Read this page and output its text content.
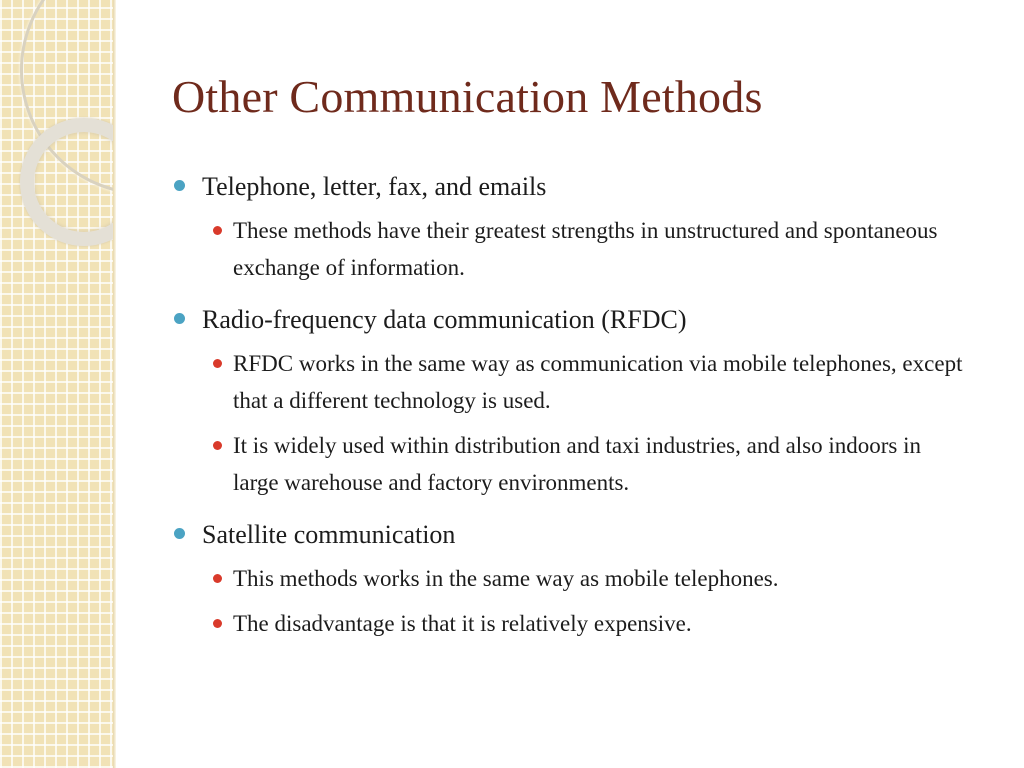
Other Communication Methods
Telephone, letter, fax, and emails
These methods have their greatest strengths in unstructured and spontaneous exchange of information.
Radio-frequency data communication (RFDC)
RFDC works in the same way as communication via mobile telephones, except that a different technology is used.
It is widely used within distribution and taxi industries, and also indoors in large warehouse and factory environments.
Satellite communication
This methods works in the same way as mobile telephones.
The disadvantage is that it is relatively expensive.
